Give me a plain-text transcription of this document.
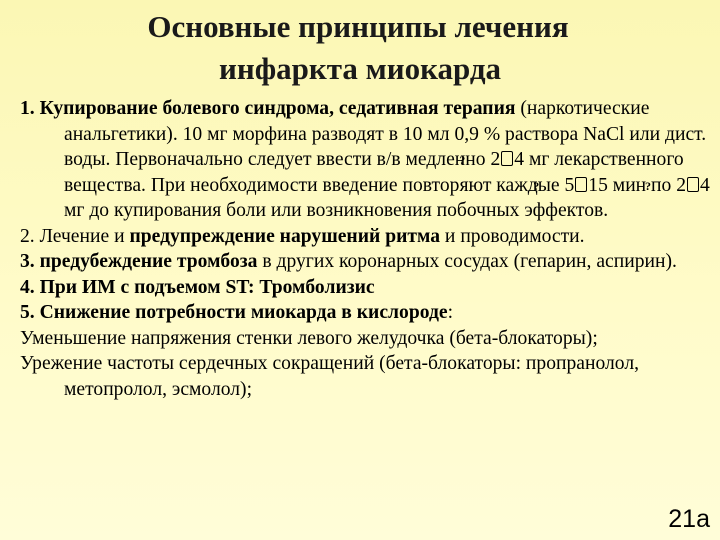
Основные принципы лечения
инфаркта миокарда

1. Купирование болевого синдрома, седативная терапия (наркотические анальгетики). 10 мг морфина разводят в 10 мл 0,9 % раствора NaCl или дист. воды. Первоначально следует ввести в/в медленно 2 ? 4 мг лекарственного вещества. При необходимости введение повторяют каждые 5 ? 15 мин по 2? 4 мг до купирования боли или возникновения побочных эффектов.

2. Лечение и предупреждение нарушений ритма и проводимости.

3. предубеждение тромбоза в других коронарных сосудах (гепарин, аспирин).

4. При ИМ с подъемом ST: Тромболизис

5. Снижение потребности миокарда в кислороде:

Уменьшение напряжения стенки левого желудочка (бета-блокаторы);

Урежение частоты сердечных сокращений (бета-блокаторы: пропранолол, метопролол, эсмолол);

21а
